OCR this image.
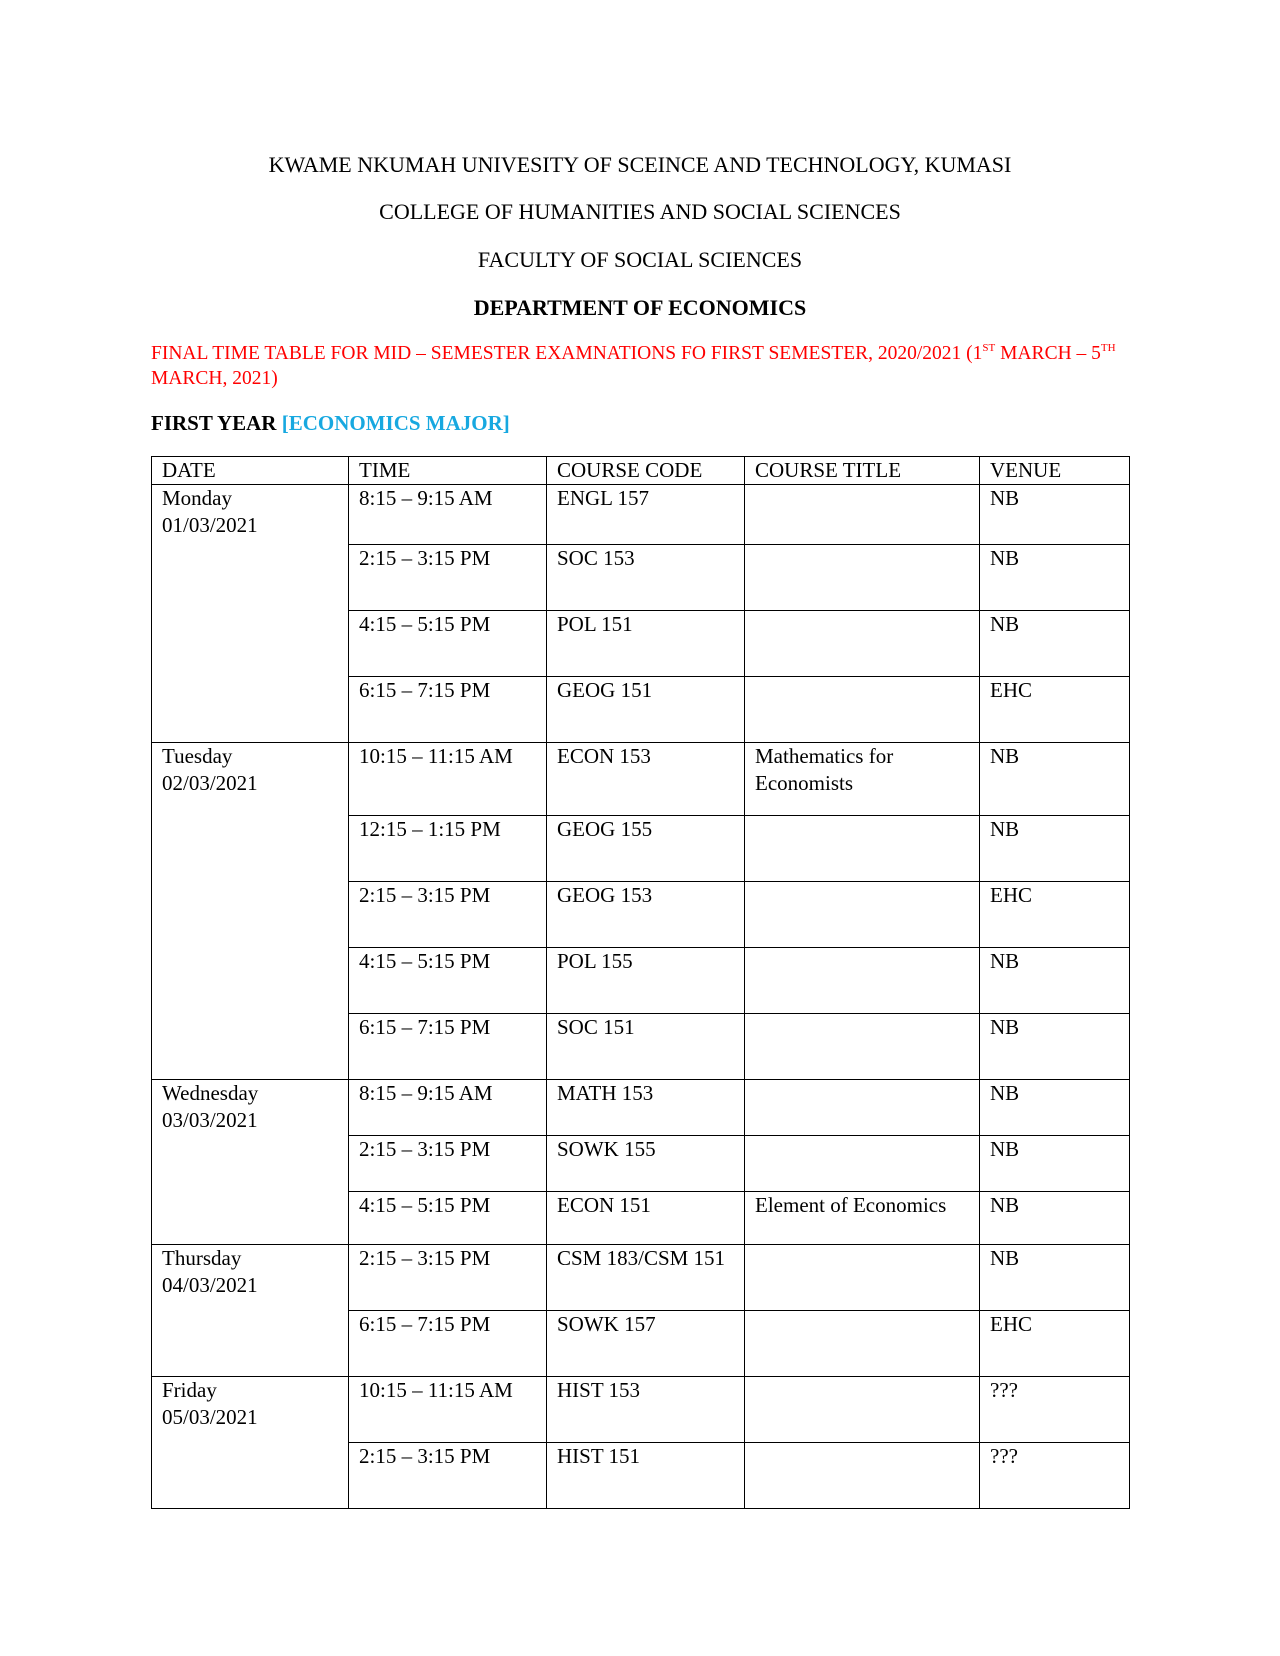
KWAME NKUMAH UNIVESITY OF SCEINCE AND TECHNOLOGY, KUMASI
COLLEGE OF HUMANITIES AND SOCIAL SCIENCES
FACULTY OF SOCIAL SCIENCES
DEPARTMENT OF ECONOMICS
FINAL TIME TABLE FOR MID – SEMESTER EXAMNATIONS FO FIRST SEMESTER, 2020/2021 (1ST MARCH – 5TH MARCH, 2021)
FIRST YEAR [ECONOMICS MAJOR]
DATE	TIME	COURSE CODE	COURSE TITLE	VENUE

Monday
01/03/2021	8:15 – 9:15 AM	ENGL 157		NB
	2:15 – 3:15 PM	SOC 153		NB
	4:15 – 5:15 PM	POL 151		NB
	6:15 – 7:15 PM	GEOG 151		EHC

Tuesday
02/03/2021	10:15 – 11:15 AM	ECON 153	Mathematics for Economists	NB
	12:15 – 1:15 PM	GEOG 155		NB
	2:15 – 3:15 PM	GEOG 153		EHC
	4:15 – 5:15 PM	POL 155		NB
	6:15 – 7:15 PM	SOC 151		NB

Wednesday
03/03/2021	8:15 – 9:15 AM	MATH 153		NB
	2:15 – 3:15 PM	SOWK 155		NB
	4:15 – 5:15 PM	ECON 151	Element of Economics	NB

Thursday
04/03/2021	2:15 – 3:15 PM	CSM 183/CSM 151		NB
	6:15 – 7:15 PM	SOWK 157		EHC

Friday
05/03/2021	10:15 – 11:15 AM	HIST 153		???
	2:15 – 3:15 PM	HIST 151		???
